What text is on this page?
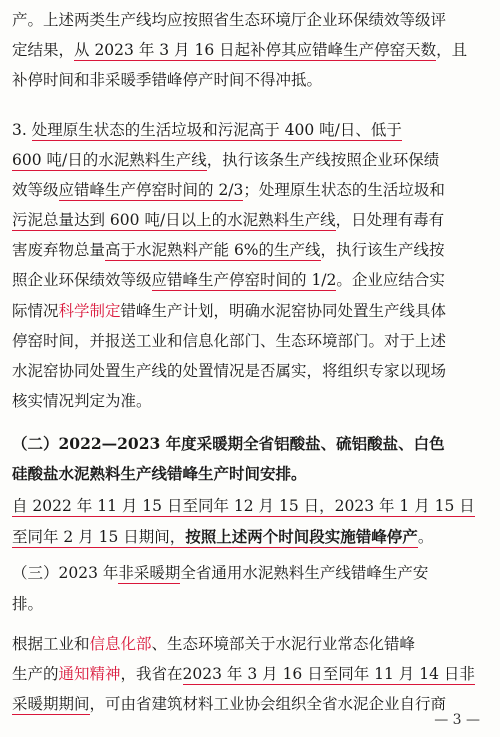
产。上述两类生产线均应按照省生态环境厅企业环保绩效等级评
定结果，从 2023 年 3 月 16 日起补停其应错峰生产停窑天数，且
补停时间和非采暖季错峰停产时间不得冲抵。
3. 处理原生状态的生活垃圾和污泥高于 400 吨/日、低于
600 吨/日的水泥熟料生产线，执行该条生产线按照企业环保绩
效等级应错峰生产停窑时间的 2/3；处理原生状态的生活垃圾和
污泥总量达到 600 吨/日以上的水泥熟料生产线，日处理有毒有
害废弃物总量高于水泥熟料产能 6%的生产线，执行该生产线按
照企业环保绩效等级应错峰生产停窑时间的 1/2。企业应结合实
际情况科学制定错峰生产计划，明确水泥窑协同处置生产线具体
停窑时间，并报送工业和信息化部门、生态环境部门。对于上述
水泥窑协同处置生产线的处置情况是否属实，将组织专家以现场
核实情况判定为准。
（二）2022—2023 年度采暖期全省铝酸盐、硫铝酸盐、白色
硅酸盐水泥熟料生产线错峰生产时间安排。
自 2022 年 11 月 15 日至同年 12 月 15 日，2023 年 1 月 15 日
至同年 2 月 15 日期间，按照上述两个时间段实施错峰停产。
（三）2023 年非采暖期全省通用水泥熟料生产线错峰生产安
排。
根据工业和信息化部、生态环境部关于水泥行业常态化错峰
生产的通知精神，我省在2023 年 3 月 16 日至同年 11 月 14 日非
采暖期期间，可由省建筑材料工业协会组织全省水泥企业自行商
— 3 —
